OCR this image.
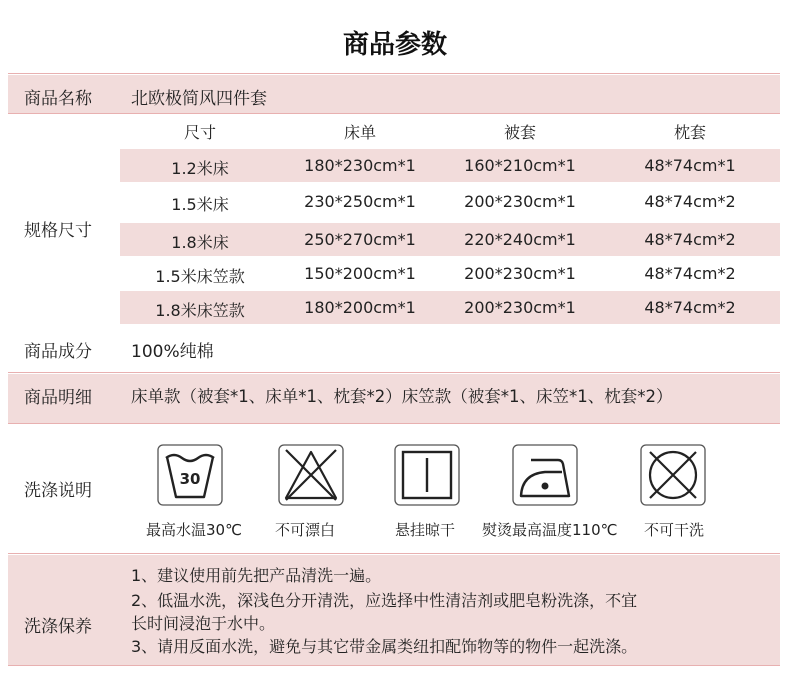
商品参数
商品名称 北欧极简风四件套
规格尺寸
尺寸	床单	被套	枕套
1.2米床	180*230cm*1	160*210cm*1	48*74cm*1
1.5米床	230*250cm*1	200*230cm*1	48*74cm*2
1.8米床	250*270cm*1	220*240cm*1	48*74cm*2
1.5米床笠款	150*200cm*1	200*230cm*1	48*74cm*2
1.8米床笠款	180*200cm*1	200*230cm*1	48*74cm*2
商品成分 100%纯棉
商品明细 床单款（被套*1、床单*1、枕套*2）床笠款（被套*1、床笠*1、枕套*2）
洗涤说明
30
最高水温30℃ 不可漂白	悬挂晾干 熨烫最高温度110℃ 不可干洗
洗涤保养
1、建议使用前先把产品清洗一遍。
2、低温水洗，深浅色分开清洗，应选择中性清洁剂或肥皂粉洗涤，不宜
长时间浸泡于水中。
3、请用反面水洗，避免与其它带金属类纽扣配饰物等的物件一起洗涤。
